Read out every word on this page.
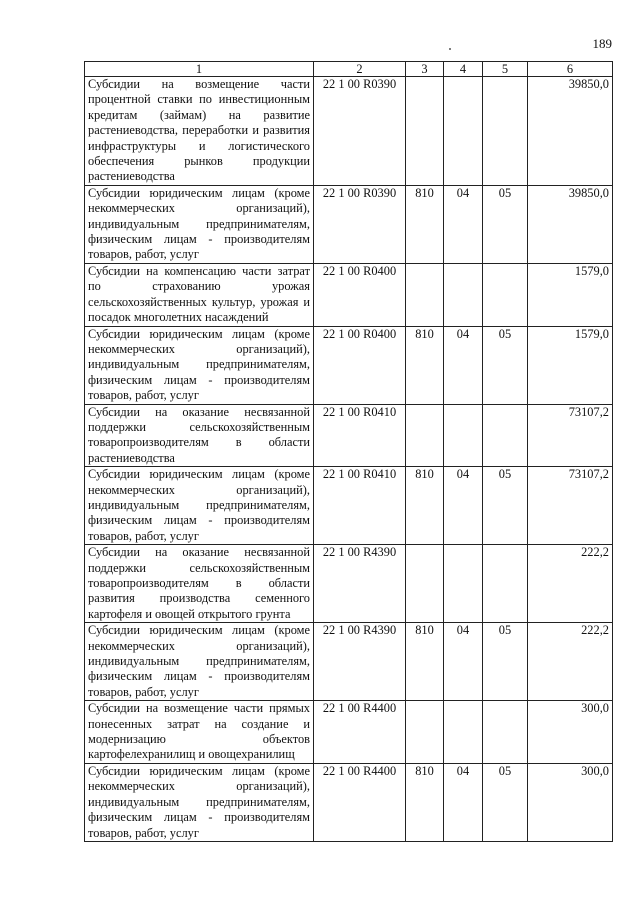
189
1	2	3	4	5	6
Субсидии на возмещение части процентной ставки по инвестиционным кредитам (займам) на развитие растениеводства, переработки и развития инфраструктуры и логистического обеспечения рынков продукции растениеводства	22 1 00 R0390				39850,0
Субсидии юридическим лицам (кроме некоммерческих организаций), индивидуальным предпринимателям, физическим лицам - производителям товаров, работ, услуг	22 1 00 R0390	810	04	05	39850,0
Субсидии на компенсацию части затрат по страхованию урожая сельскохозяйственных культур, урожая и посадок многолетних насаждений	22 1 00 R0400				1579,0
Субсидии юридическим лицам (кроме некоммерческих организаций), индивидуальным предпринимателям, физическим лицам - производителям товаров, работ, услуг	22 1 00 R0400	810	04	05	1579,0
Субсидии на оказание несвязанной поддержки сельскохозяйственным товаропроизводителям в области растениеводства	22 1 00 R0410				73107,2
Субсидии юридическим лицам (кроме некоммерческих организаций), индивидуальным предпринимателям, физическим лицам - производителям товаров, работ, услуг	22 1 00 R0410	810	04	05	73107,2
Субсидии на оказание несвязанной поддержки сельскохозяйственным товаропроизводителям в области развития производства семенного картофеля и овощей открытого грунта	22 1 00 R4390				222,2
Субсидии юридическим лицам (кроме некоммерческих организаций), индивидуальным предпринимателям, физическим лицам - производителям товаров, работ, услуг	22 1 00 R4390	810	04	05	222,2
Субсидии на возмещение части прямых понесенных затрат на создание и модернизацию объектов картофелехранилищ и овощехранилищ	22 1 00 R4400				300,0
Субсидии юридическим лицам (кроме некоммерческих организаций), индивидуальным предпринимателям, физическим лицам - производителям товаров, работ, услуг	22 1 00 R4400	810	04	05	300,0
